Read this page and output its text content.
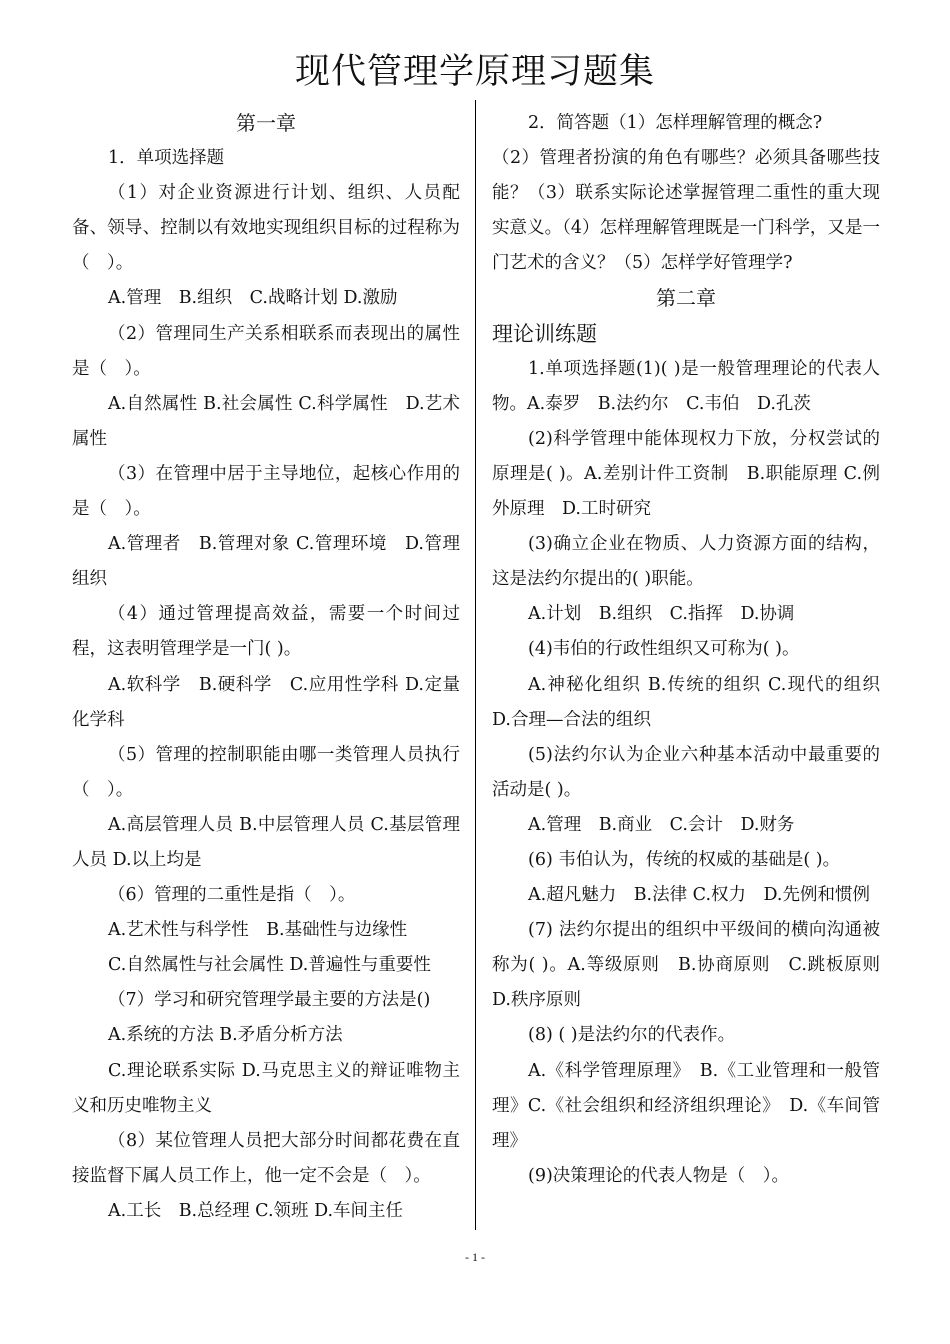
现代管理学原理习题集

第一章

1．单项选择题

（1）对企业资源进行计划、组织、人员配备、领导、控制以有效地实现组织目标的过程称为（　）。

A.管理　B.组织　C.战略计划 D.激励

（2）管理同生产关系相联系而表现出的属性是（　）。

A.自然属性 B.社会属性 C.科学属性　D.艺术属性

（3）在管理中居于主导地位，起核心作用的是（　）。

A.管理者　B.管理对象 C.管理环境　D.管理组织

（4）通过管理提高效益，需要一个时间过程，这表明管理学是一门( )。

A.软科学　B.硬科学　C.应用性学科 D.定量化学科

（5）管理的控制职能由哪一类管理人员执行（　）。

A.高层管理人员 B.中层管理人员 C.基层管理人员 D.以上均是

（6）管理的二重性是指（　）。

A.艺术性与科学性　B.基础性与边缘性

C.自然属性与社会属性 D.普遍性与重要性

（7）学习和研究管理学最主要的方法是()

A.系统的方法 B.矛盾分析方法

C.理论联系实际 D.马克思主义的辩证唯物主义和历史唯物主义

（8）某位管理人员把大部分时间都花费在直接监督下属人员工作上，他一定不会是（　）。

A.工长　B.总经理 C.领班 D.车间主任

2．简答题（1）怎样理解管理的概念?

（2）管理者扮演的角色有哪些？必须具备哪些技能？（3）联系实际论述掌握管理二重性的重大现实意义。（4）怎样理解管理既是一门科学，又是一门艺术的含义？（5）怎样学好管理学?

第二章

理论训练题

1.单项选择题(1)( )是一般管理理论的代表人物。A.泰罗　B.法约尔　C.韦伯　D.孔茨

(2)科学管理中能体现权力下放，分权尝试的原理是( )。A.差别计件工资制　B.职能原理 C.例外原理　D.工时研究

(3)确立企业在物质、人力资源方面的结构，这是法约尔提出的( )职能。

A.计划　B.组织　C.指挥　D.协调

(4)韦伯的行政性组织又可称为( )。

A.神秘化组织 B.传统的组织 C.现代的组织 D.合理—合法的组织

(5)法约尔认为企业六种基本活动中最重要的活动是( )。

A.管理　B.商业　C.会计　D.财务

(6) 韦伯认为，传统的权威的基础是( )。

A.超凡魅力　B.法律 C.权力　D.先例和惯例

(7) 法约尔提出的组织中平级间的横向沟通被称为( )。A.等级原则　B.协商原则　C.跳板原则　D.秩序原则

(8) ( )是法约尔的代表作。

A.《科学管理原理》　B.《工业管理和一般管理》C.《社会组织和经济组织理论》　D.《车间管理》

(9)决策理论的代表人物是（　）。

- 1 -
